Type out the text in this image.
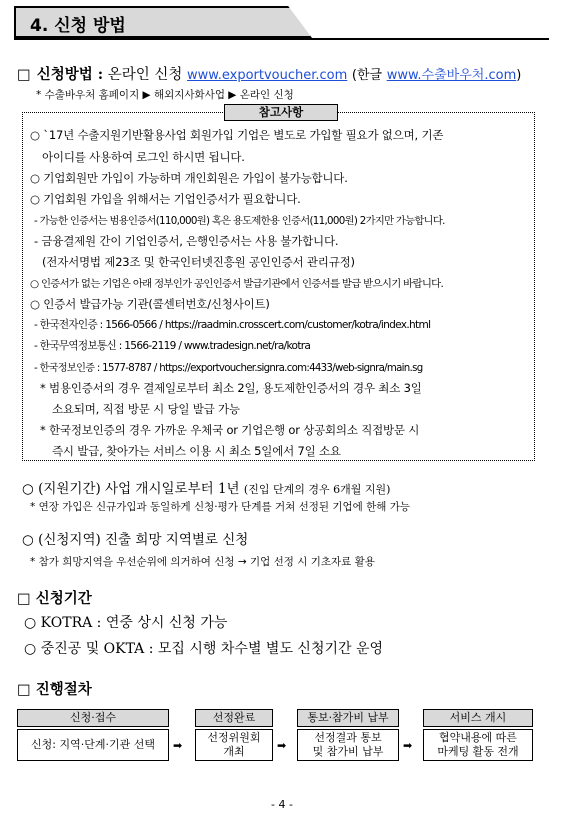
4. 신청 방법
□ 신청방법 : 온라인 신청 www.exportvoucher.com (한글 www.수출바우처.com)
* 수출바우처 홈페이지 ▶ 해외지사화사업 ▶ 온라인 신청
참고사항
○ `17년 수출지원기반활용사업 회원가입 기업은 별도로 가입할 필요가 없으며, 기존
아이디를 사용하여 로그인 하시면 됩니다.
○ 기업회원만 가입이 가능하며 개인회원은 가입이 불가능합니다.
○ 기업회원 가입을 위해서는 기업인증서가 필요합니다.
- 가능한 인증서는 범용인증서(110,000원) 혹은 용도제한용 인증서(11,000원) 2가지만 가능합니다.
- 금융결제원 간이 기업인증서, 은행인증서는 사용 불가합니다.
(전자서명법 제23조 및 한국인터넷진흥원 공인인증서 관리규정)
○ 인증서가 없는 기업은 아래 정부인가 공인인증서 발급기관에서 인증서를 발급 받으시기 바랍니다.
○ 인증서 발급가능 기관(콜센터번호/신청사이트)
- 한국전자인증 : 1566-0566 / https://raadmin.crosscert.com/customer/kotra/index.html
- 한국무역정보통신 : 1566-2119 / www.tradesign.net/ra/kotra
- 한국정보인증 : 1577-8787 / https://exportvoucher.signra.com:4433/web-signra/main.sg
* 범용인증서의 경우 결제일로부터 최소 2일, 용도제한인증서의 경우 최소 3일
소요되며, 직접 방문 시 당일 발급 가능
* 한국정보인증의 경우 가까운 우체국 or 기업은행 or 상공회의소 직접방문 시
즉시 발급, 찾아가는 서비스 이용 시 최소 5일에서 7일 소요
○ (지원기간) 사업 개시일로부터 1년 (진입 단계의 경우 6개월 지원)
* 연장 가입은 신규가입과 동일하게 신청·평가 단계를 거쳐 선정된 기업에 한해 가능
○ (신청지역) 진출 희망 지역별로 신청
* 참가 희망지역을 우선순위에 의거하여 신청 → 기업 선정 시 기초자료 활용
□ 신청기간
○ KOTRA : 연중 상시 신청 가능
○ 중진공 및 OKTA : 모집 시행 차수별 별도 신청기간 운영
□ 진행절차
신청·접수
신청: 지역·단계·기관 선택 ➡
선정완료
선정위원회
개최	➡
통보·참가비 납부
선정결과 통보
및 참가비 납부 ➡
서비스 개시
협약내용에 따른
마케팅 활동 전개
- 4 -
